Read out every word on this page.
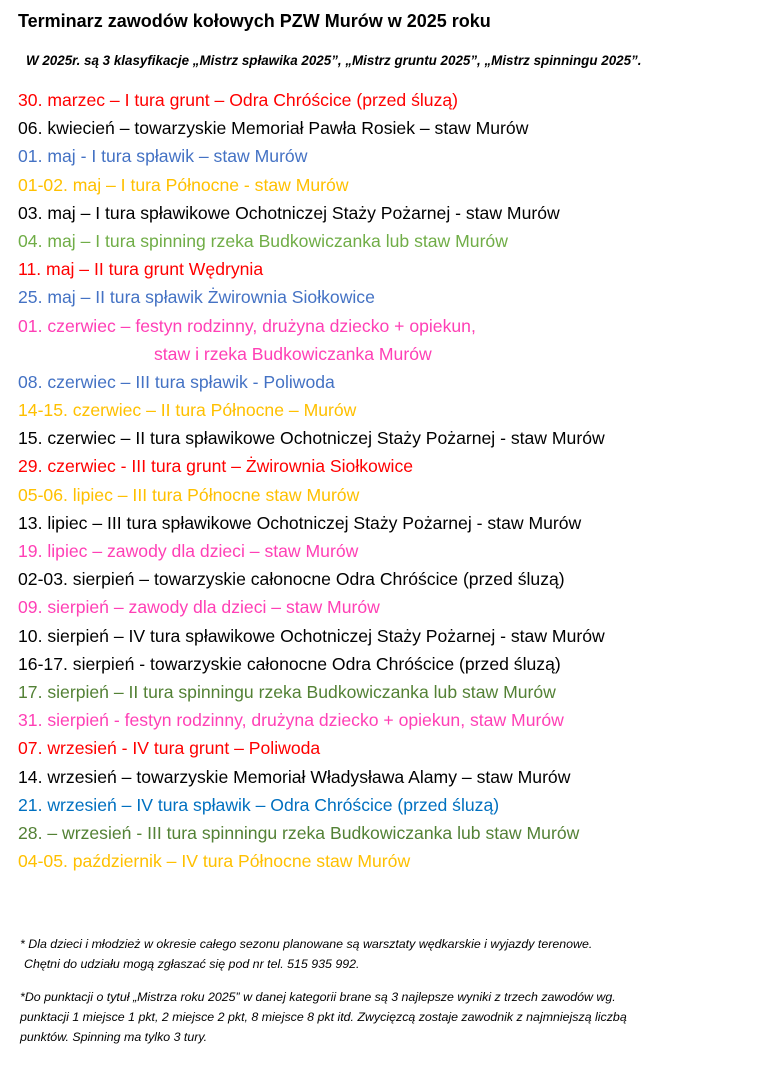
Terminarz zawodów kołowych PZW Murów w 2025 roku
W 2025r. są 3 klasyfikacje „Mistrz spławika 2025”, „Mistrz gruntu 2025”, „Mistrz spinningu 2025”.
30. marzec – I tura grunt – Odra Chróścice (przed śluzą)
06. kwiecień – towarzyskie Memoriał Pawła Rosiek – staw Murów
01. maj - I tura spławik – staw Murów
01-02. maj – I tura Północne - staw Murów
03. maj – I tura spławikowe Ochotniczej Staży Pożarnej - staw Murów
04. maj – I tura spinning rzeka Budkowiczanka lub staw Murów
11. maj – II tura grunt Wędrynia
25. maj – II tura spławik Żwirownia Siołkowice
01. czerwiec – festyn rodzinny, drużyna dziecko + opiekun,
staw i rzeka Budkowiczanka Murów
08. czerwiec – III tura spławik - Poliwoda
14-15. czerwiec – II tura Północne – Murów
15. czerwiec – II tura spławikowe Ochotniczej Staży Pożarnej - staw Murów
29. czerwiec - III tura grunt – Żwirownia Siołkowice
05-06. lipiec – III tura Północne staw Murów
13. lipiec – III tura spławikowe Ochotniczej Staży Pożarnej - staw Murów
19. lipiec – zawody dla dzieci – staw Murów
02-03. sierpień – towarzyskie całonocne Odra Chróścice (przed śluzą)
09. sierpień – zawody dla dzieci – staw Murów
10. sierpień – IV tura spławikowe Ochotniczej Staży Pożarnej - staw Murów
16-17. sierpień - towarzyskie całonocne Odra Chróścice (przed śluzą)
17. sierpień – II tura spinningu rzeka Budkowiczanka lub staw Murów
31. sierpień - festyn rodzinny, drużyna dziecko + opiekun, staw Murów
07. wrzesień - IV tura grunt – Poliwoda
14. wrzesień – towarzyskie Memoriał Władysława Alamy – staw Murów
21. wrzesień – IV tura spławik – Odra Chróścice (przed śluzą)
28. – wrzesień - III tura spinningu rzeka Budkowiczanka lub staw Murów
04-05. październik – IV tura Północne staw Murów

* Dla dzieci i młodzież w okresie całego sezonu planowane są warsztaty wędkarskie i wyjazdy terenowe.

Chętni do udziału mogą zgłaszać się pod nr tel. 515 935 992.

*Do punktacji o tytuł „Mistrza roku 2025” w danej kategorii brane są 3 najlepsze wyniki z trzech zawodów wg.

punktacji 1 miejsce 1 pkt, 2 miejsce 2 pkt, 8 miejsce 8 pkt itd. Zwycięzcą zostaje zawodnik z najmniejszą liczbą

punktów. Spinning ma tylko 3 tury.
